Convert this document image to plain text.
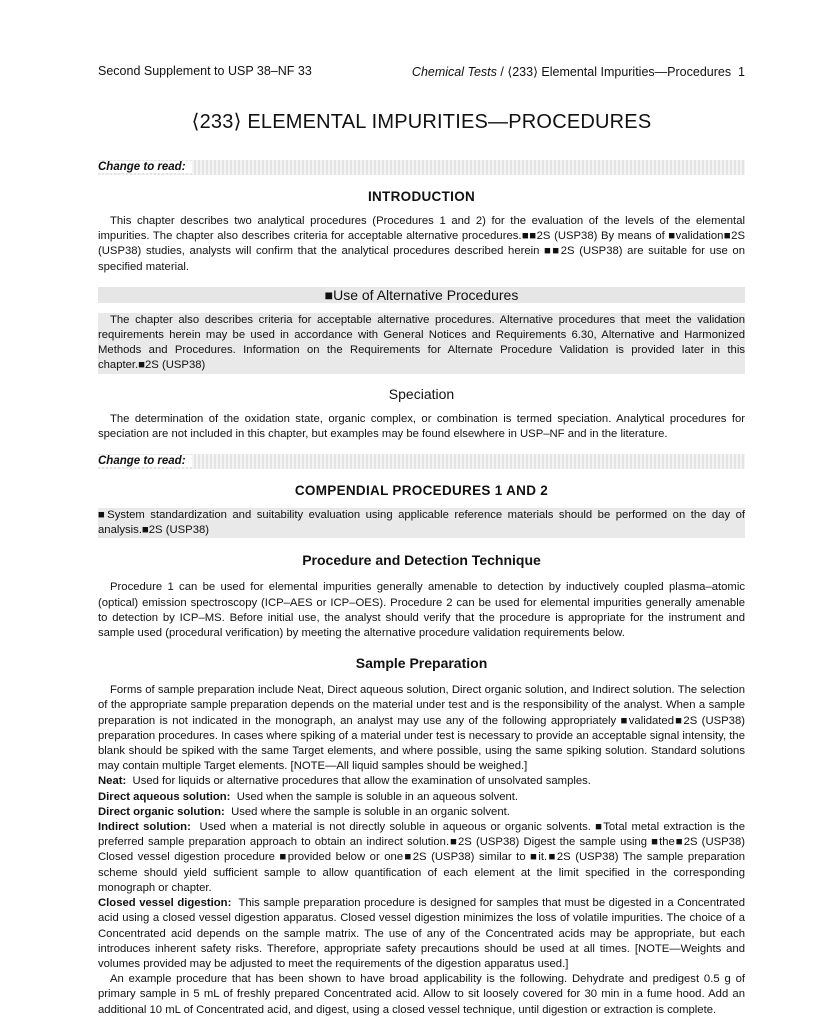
Second Supplement to USP 38–NF 33	Chemical Tests / ⟨233⟩ Elemental Impurities—Procedures 1
⟨233⟩ ELEMENTAL IMPURITIES—PROCEDURES
Change to read:
INTRODUCTION

This chapter describes two analytical procedures (Procedures 1 and 2) for the evaluation of the levels of the elemental impurities. The chapter also describes criteria for acceptable alternative procedures.■■2S (USP38) By means of ■validation■2S (USP38) studies, analysts will confirm that the analytical procedures described herein ■■2S (USP38) are suitable for use on specified material.

■Use of Alternative Procedures

The chapter also describes criteria for acceptable alternative procedures. Alternative procedures that meet the validation requirements herein may be used in accordance with General Notices and Requirements 6.30, Alternative and Harmonized Methods and Procedures. Information on the Requirements for Alternate Procedure Validation is provided later in this chapter.■2S (USP38)

Speciation

The determination of the oxidation state, organic complex, or combination is termed speciation. Analytical procedures for speciation are not included in this chapter, but examples may be found elsewhere in USP–NF and in the literature.

Change to read:
COMPENDIAL PROCEDURES 1 AND 2

■System standardization and suitability evaluation using applicable reference materials should be performed on the day of analysis.■2S (USP38)

Procedure and Detection Technique

Procedure 1 can be used for elemental impurities generally amenable to detection by inductively coupled plasma–atomic (optical) emission spectroscopy (ICP–AES or ICP–OES). Procedure 2 can be used for elemental impurities generally amenable to detection by ICP–MS. Before initial use, the analyst should verify that the procedure is appropriate for the instrument and sample used (procedural verification) by meeting the alternative procedure validation requirements below.

Sample Preparation

Forms of sample preparation include Neat, Direct aqueous solution, Direct organic solution, and Indirect solution. The selection of the appropriate sample preparation depends on the material under test and is the responsibility of the analyst. When a sample preparation is not indicated in the monograph, an analyst may use any of the following appropriately ■validated■2S (USP38) preparation procedures. In cases where spiking of a material under test is necessary to provide an acceptable signal intensity, the blank should be spiked with the same Target elements, and where possible, using the same spiking solution. Standard solutions may contain multiple Target elements. [NOTE—All liquid samples should be weighed.]

Neat: Used for liquids or alternative procedures that allow the examination of unsolvated samples.

Direct aqueous solution: Used when the sample is soluble in an aqueous solvent.

Direct organic solution: Used where the sample is soluble in an organic solvent.

Indirect solution: Used when a material is not directly soluble in aqueous or organic solvents. ■Total metal extraction is the preferred sample preparation approach to obtain an indirect solution.■2S (USP38) Digest the sample using ■the■2S (USP38) Closed vessel digestion procedure ■provided below or one■2S (USP38) similar to ■it.■2S (USP38) The sample preparation scheme should yield sufficient sample to allow quantification of each element at the limit specified in the corresponding monograph or chapter.

Closed vessel digestion: This sample preparation procedure is designed for samples that must be digested in a Concentrated acid using a closed vessel digestion apparatus. Closed vessel digestion minimizes the loss of volatile impurities. The choice of a Concentrated acid depends on the sample matrix. The use of any of the Concentrated acids may be appropriate, but each introduces inherent safety risks. Therefore, appropriate safety precautions should be used at all times. [NOTE—Weights and volumes provided may be adjusted to meet the requirements of the digestion apparatus used.]

An example procedure that has been shown to have broad applicability is the following. Dehydrate and predigest 0.5 g of primary sample in 5 mL of freshly prepared Concentrated acid. Allow to sit loosely covered for 30 min in a fume hood. Add an additional 10 mL of Concentrated acid, and digest, using a closed vessel technique, until digestion or extraction is complete.
